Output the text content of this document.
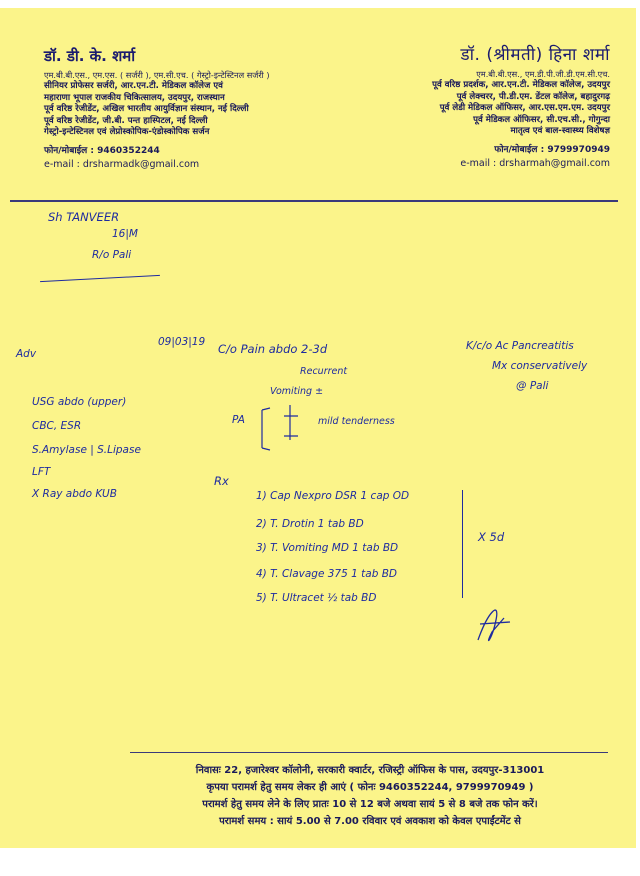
डॉ. डी. के. शर्मा
एम.बी.बी.एस., एम.एस. ( सर्जरी ), एम.सी.एच. ( गेस्ट्रो-इन्टेस्टिनल सर्जरी )
सीनियर प्रोफेसर सर्जरी, आर.एन.टी. मेडिकल कॉलेज एवं
महाराणा भूपाल राजकीय चिकित्सालय, उदयपुर, राजस्थान
पूर्व वरिष्ठ रेजीडेंट, अखिल भारतीय आयुर्विज्ञान संस्थान, नई दिल्ली
पूर्व वरिष्ठ रेजीडेंट, जी.बी. पन्त हास्पिटल, नई दिल्ली
गेस्ट्रो-इन्टेस्टिनल एवं लेप्रोस्कोपिक-एंडोस्कोपिक सर्जन
फोन/मोबाईल : 9460352244
e-mail : drsharmadk@gmail.com
डॉ. (श्रीमती) हिना शर्मा
एम.बी.बी.एस., एम.डी.पी.जी.डी.एम.सी.एच.
पूर्व वरिष्ठ प्रदर्शक, आर.एन.टी. मेडिकल कॉलेज, उदयपुर
पूर्व लेक्चरर, पी.डी.एम. डेंटल कॉलेज, बहादुरगढ़
पूर्व लेडी मेडिकल ऑफिसर, आर.एस.एम.एम. उदयपुर
पूर्व मेडिकल ऑफिसर, सी.एच.सी., गोगुन्दा
मातृत्व एवं बाल-स्वास्थ्य विशेषज्ञ
फोन/मोबाईल : 9799970949
e-mail : drsharmah@gmail.com
Sh TANVEER
16|M
R/o Pali
09|03|19 C/o Pain abdo 2-3d
Recurrent
Vomiting ±
PA	mild tenderness
K/c/o Ac Pancreatitis
Mx conservatively
@ Pali
Adv
USG abdo (upper)
CBC, ESR
S.Amylase | S.Lipase
LFT
X Ray abdo KUB
Rx
1) Cap Nexpro DSR 1 cap OD
2) T. Drotin 1 tab BD
3) T. Vomiting MD 1 tab BD
4) T. Clavage 375 1 tab BD
5) T. Ultracet ½ tab BD
X 5d
निवासः 22, हजारेश्वर कॉलोनी, सरकारी क्वार्टर, रजिस्ट्री ऑफिस के पास, उदयपुर-313001
कृपया परामर्श हेतु समय लेकर ही आएं ( फोनः 9460352244, 9799970949 )
परामर्श हेतु समय लेने के लिए प्रातः 10 से 12 बजे अथवा सायं 5 से 8 बजे तक फोन करें।
परामर्श समय : सायं 5.00 से 7.00 रविवार एवं अवकाश को केवल एपाईंटमेंट से
